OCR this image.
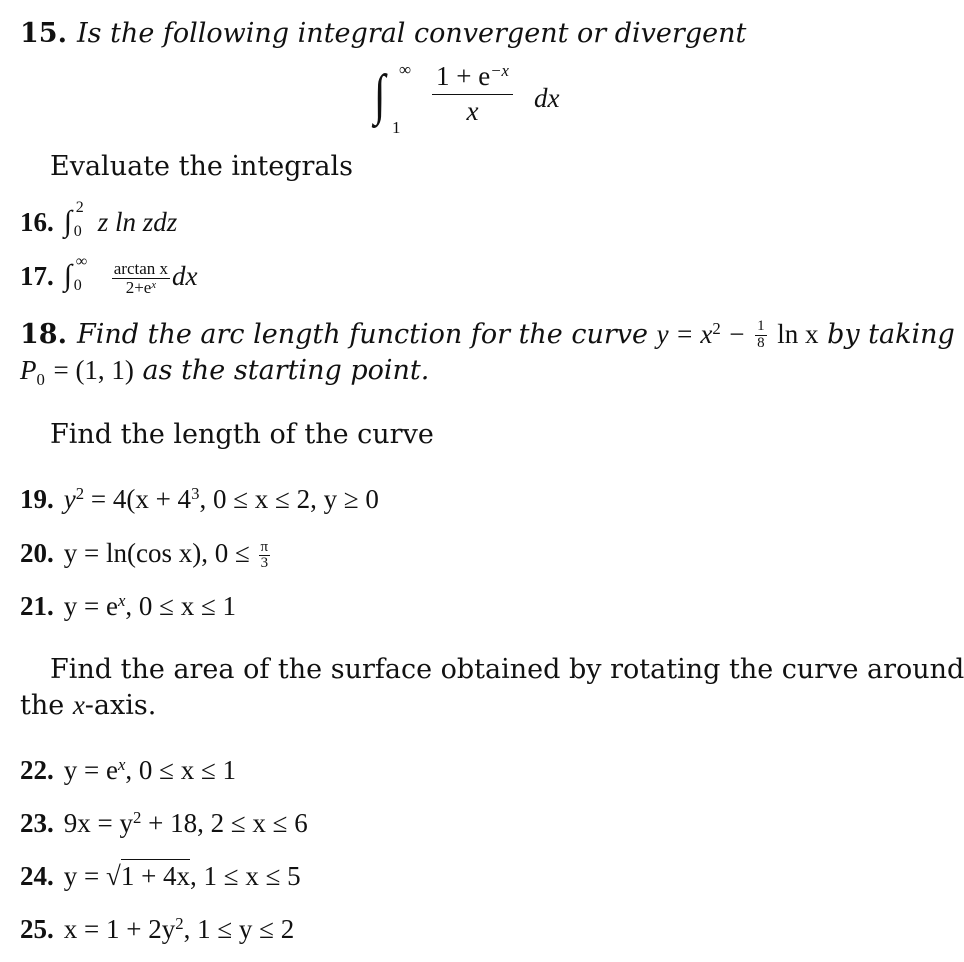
15. Is the following integral convergent or divergent
∫ ∞
$1 \frac{1 + e^{-x}}{x}$ dx
Evaluate the integrals
16. ∫ 2
0 z ln zdz
17. ∫ ∞
$0 \frac{\text{arctan x}}{2+e^x}$ dx
18. Find the arc length function for the curve $y = x^2 - \frac{1}{8}$ ln x by taking
$P_0 = (1$, 1) as the starting point.
Find the length of the curve
19. $y^2 = 4(x + 4^3$, 0 ≤ x ≤ 2, y ≥ 0
20. y = ln(cos x), $0 \le \frac{\pi}{3}$
21. $y = e^x$, 0 ≤ x ≤ 1
Find the area of the surface obtained by rotating the curve around
the x-axis.
22. $y = e^x$, 0 ≤ x ≤ 1
23. $9x = y^2 + 18$, 2 ≤ x ≤ 6
24. y = √1 + 4x, 1 ≤ x ≤ 5
25. $x = 1 + 2y^2$, 1 ≤ y ≤ 2
